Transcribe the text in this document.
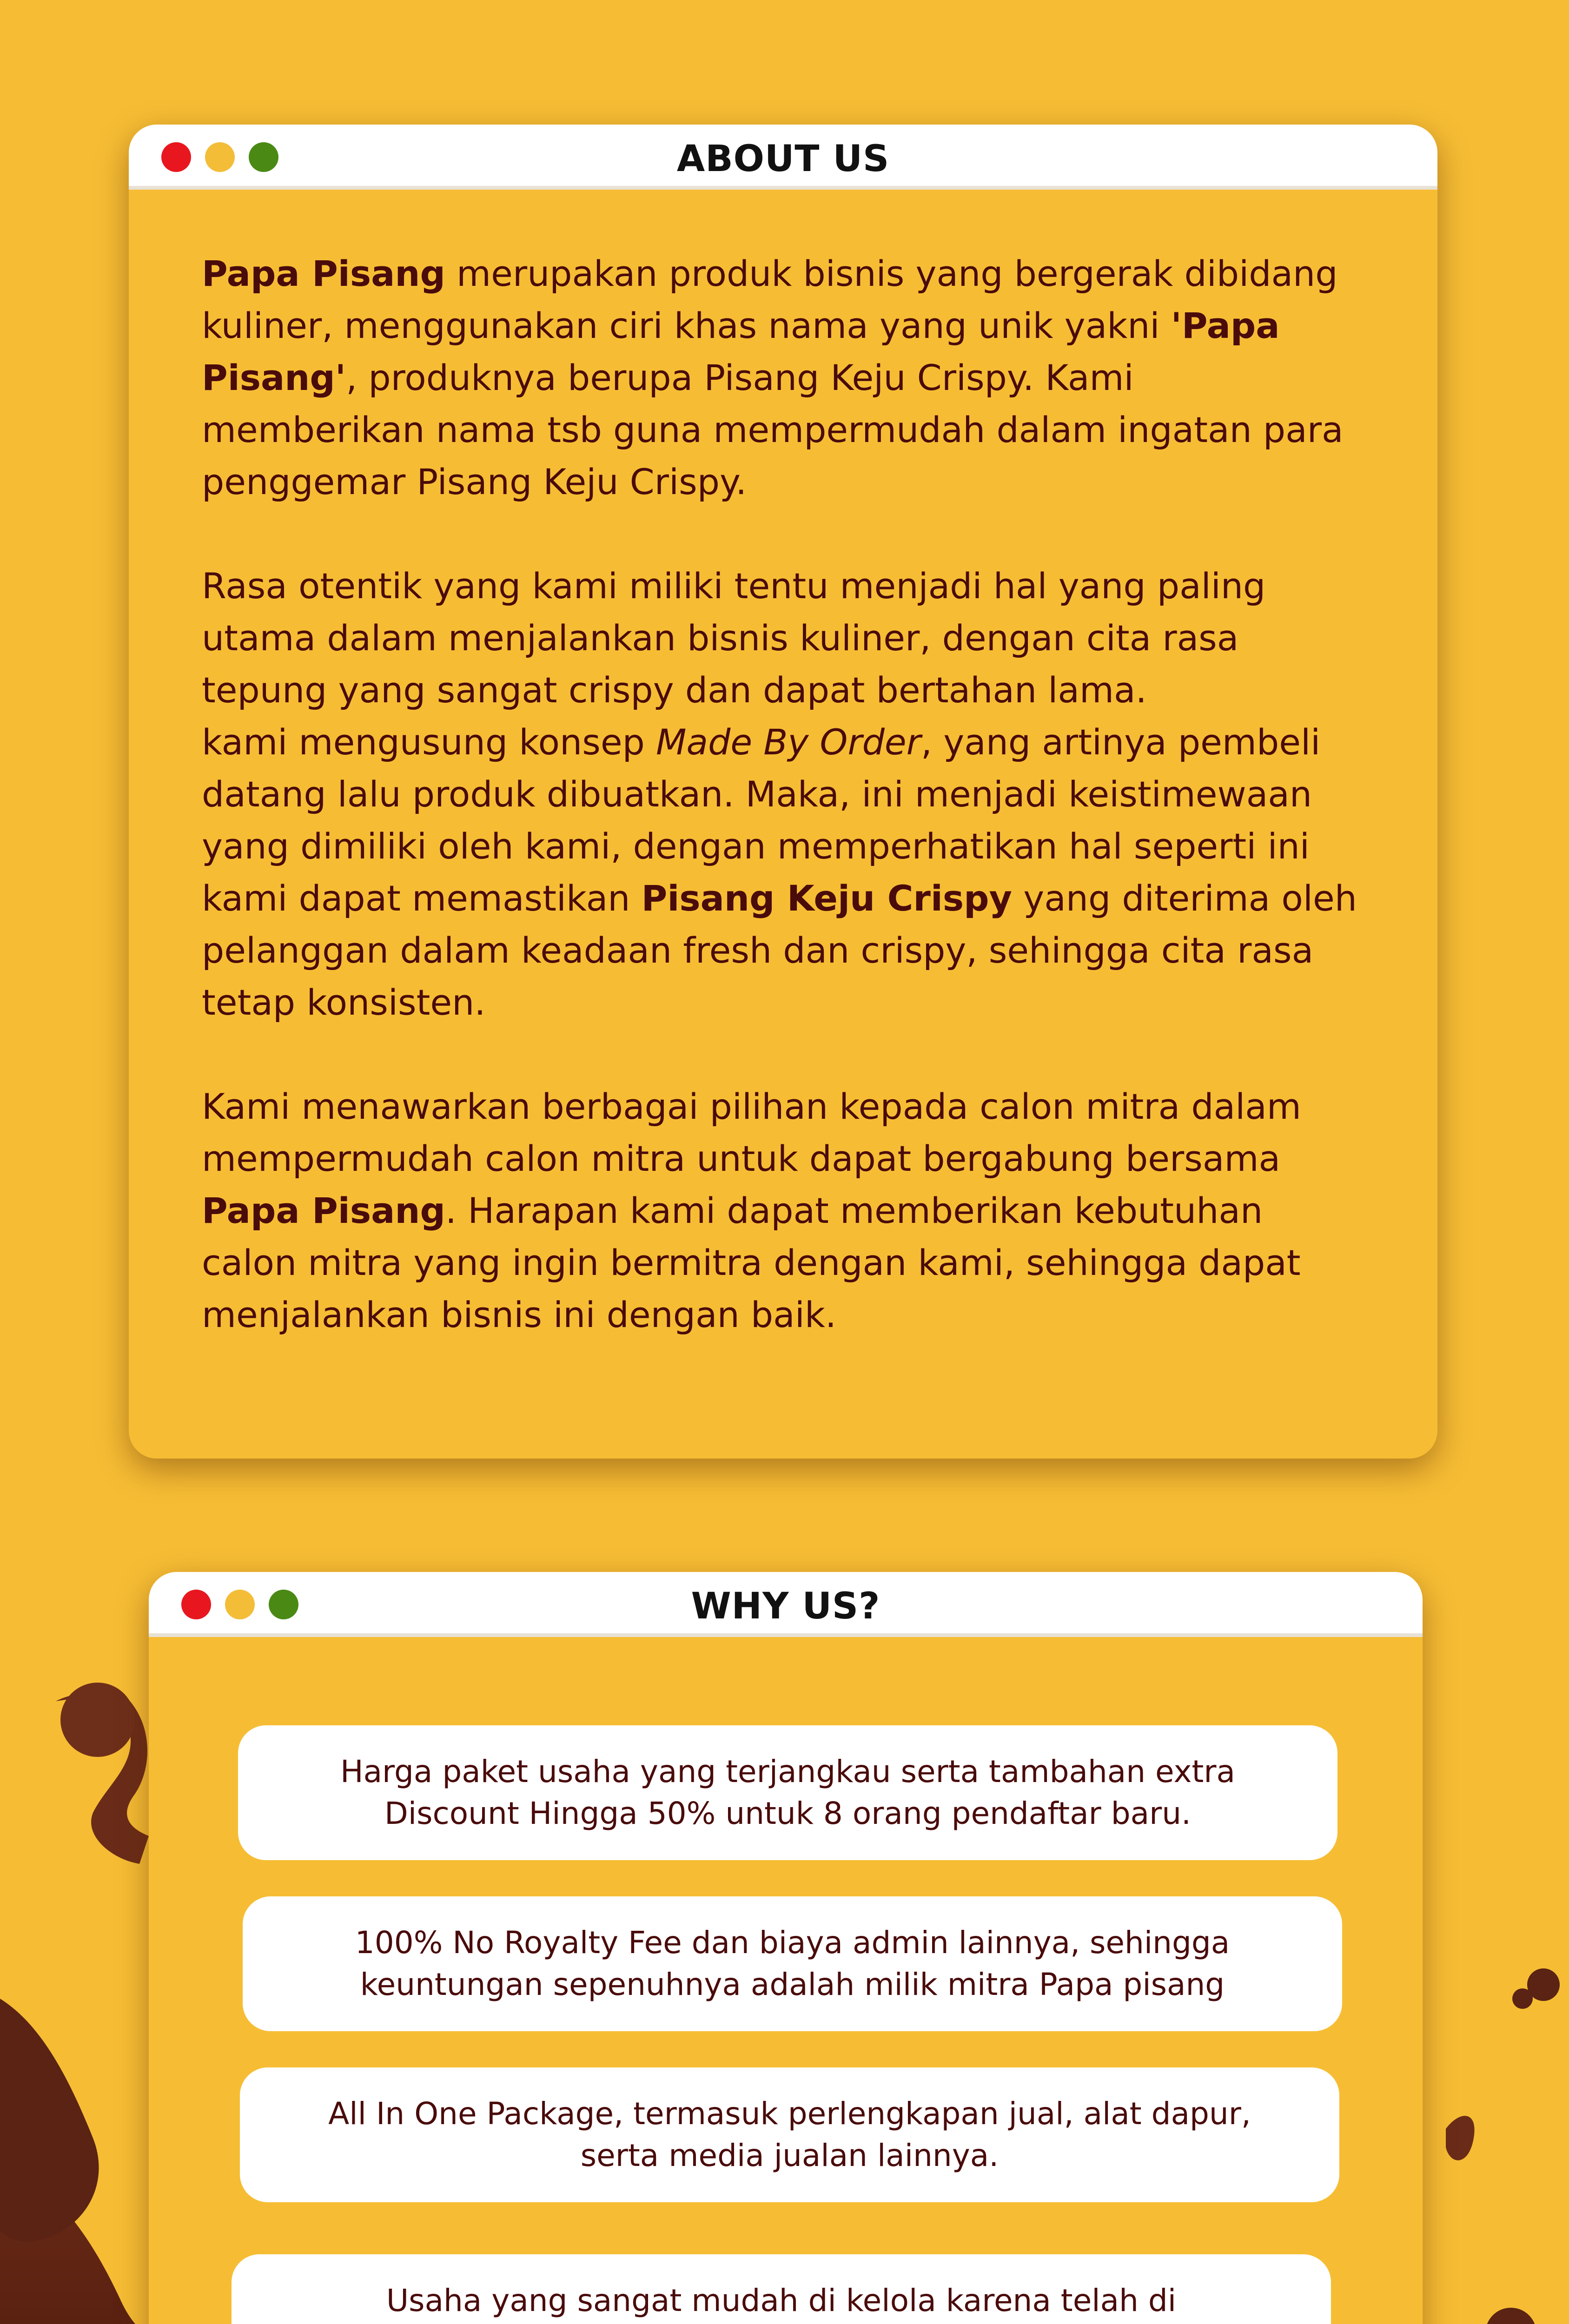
ABOUT US

Papa Pisang merupakan produk bisnis yang bergerak dibidang kuliner, menggunakan ciri khas nama yang unik yakni 'Papa Pisang', produknya berupa Pisang Keju Crispy. Kami memberikan nama tsb guna mempermudah dalam ingatan para penggemar Pisang Keju Crispy.

Rasa otentik yang kami miliki tentu menjadi hal yang paling utama dalam menjalankan bisnis kuliner, dengan cita rasa tepung yang sangat crispy dan dapat bertahan lama.

kami mengusung konsep Made By Order, yang artinya pembeli datang lalu produk dibuatkan. Maka, ini menjadi keistimewaan yang dimiliki oleh kami, dengan memperhatikan hal seperti ini kami dapat memastikan Pisang Keju Crispy yang diterima oleh pelanggan dalam keadaan fresh dan crispy, sehingga cita rasa tetap konsisten.

Kami menawarkan berbagai pilihan kepada calon mitra dalam mempermudah calon mitra untuk dapat bergabung bersama Papa Pisang. Harapan kami dapat memberikan kebutuhan calon mitra yang ingin bermitra dengan kami, sehingga dapat menjalankan bisnis ini dengan baik.

WHY US?
Harga paket usaha yang terjangkau serta tambahan extra
Discount Hingga 50% untuk 8 orang pendaftar baru.
100% No Royalty Fee dan biaya admin lainnya, sehingga
keuntungan sepenuhnya adalah milik mitra Papa pisang
All In One Package, termasuk perlengkapan jual, alat dapur,
serta media jualan lainnya.
Usaha yang sangat mudah di kelola karena telah di
